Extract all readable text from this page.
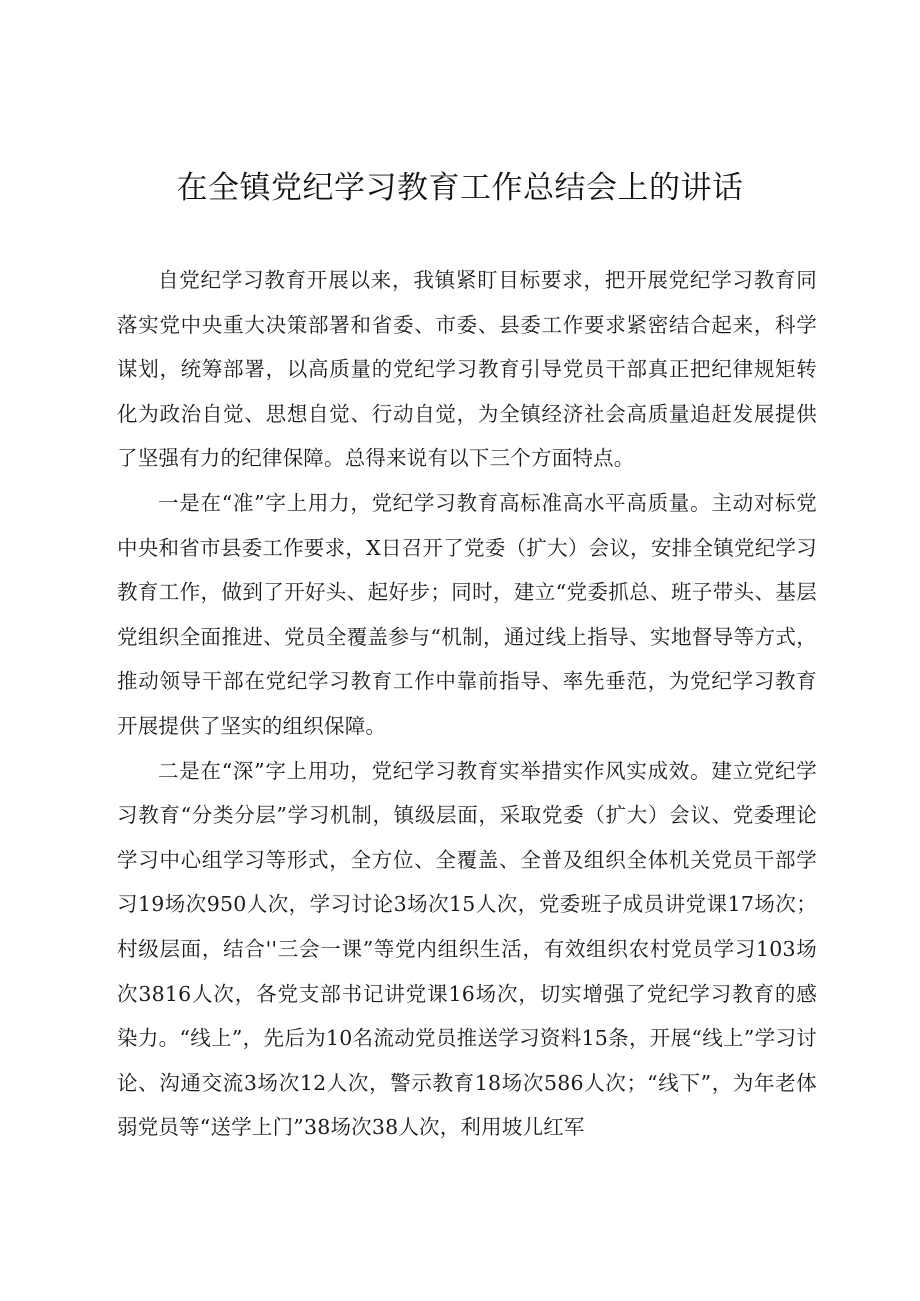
在全镇党纪学习教育工作总结会上的讲话

自党纪学习教育开展以来，我镇紧盯目标要求，把开展党纪学习教育同落实党中央重大决策部署和省委、市委、县委工作要求紧密结合起来，科学谋划，统筹部署，以高质量的党纪学习教育引导党员干部真正把纪律规矩转化为政治自觉、思想自觉、行动自觉，为全镇经济社会高质量追赶发展提供了坚强有力的纪律保障。总得来说有以下三个方面特点。

一是在“准”字上用力，党纪学习教育高标准高水平高质量。主动对标党中央和省市县委工作要求，X日召开了党委（扩大）会议，安排全镇党纪学习教育工作，做到了开好头、起好步；同时，建立“党委抓总、班子带头、基层党组织全面推进、党员全覆盖参与“机制，通过线上指导、实地督导等方式，推动领导干部在党纪学习教育工作中靠前指导、率先垂范，为党纪学习教育开展提供了坚实的组织保障。

二是在“深”字上用功，党纪学习教育实举措实作风实成效。建立党纪学习教育“分类分层”学习机制，镇级层面，采取党委（扩大）会议、党委理论学习中心组学习等形式，全方位、全覆盖、全普及组织全体机关党员干部学习19场次950人次，学习讨论3场次15人次，党委班子成员讲党课17场次；村级层面，结合''三会一课”等党内组织生活，有效组织农村党员学习103场次3816人次，各党支部书记讲党课16场次，切实增强了党纪学习教育的感染力。“线上”，先后为10名流动党员推送学习资料15条，开展“线上”学习讨论、沟通交流3场次12人次，警示教育18场次586人次；“线下”，为年老体弱党员等“送学上门”38场次38人次，利用坡儿红军
